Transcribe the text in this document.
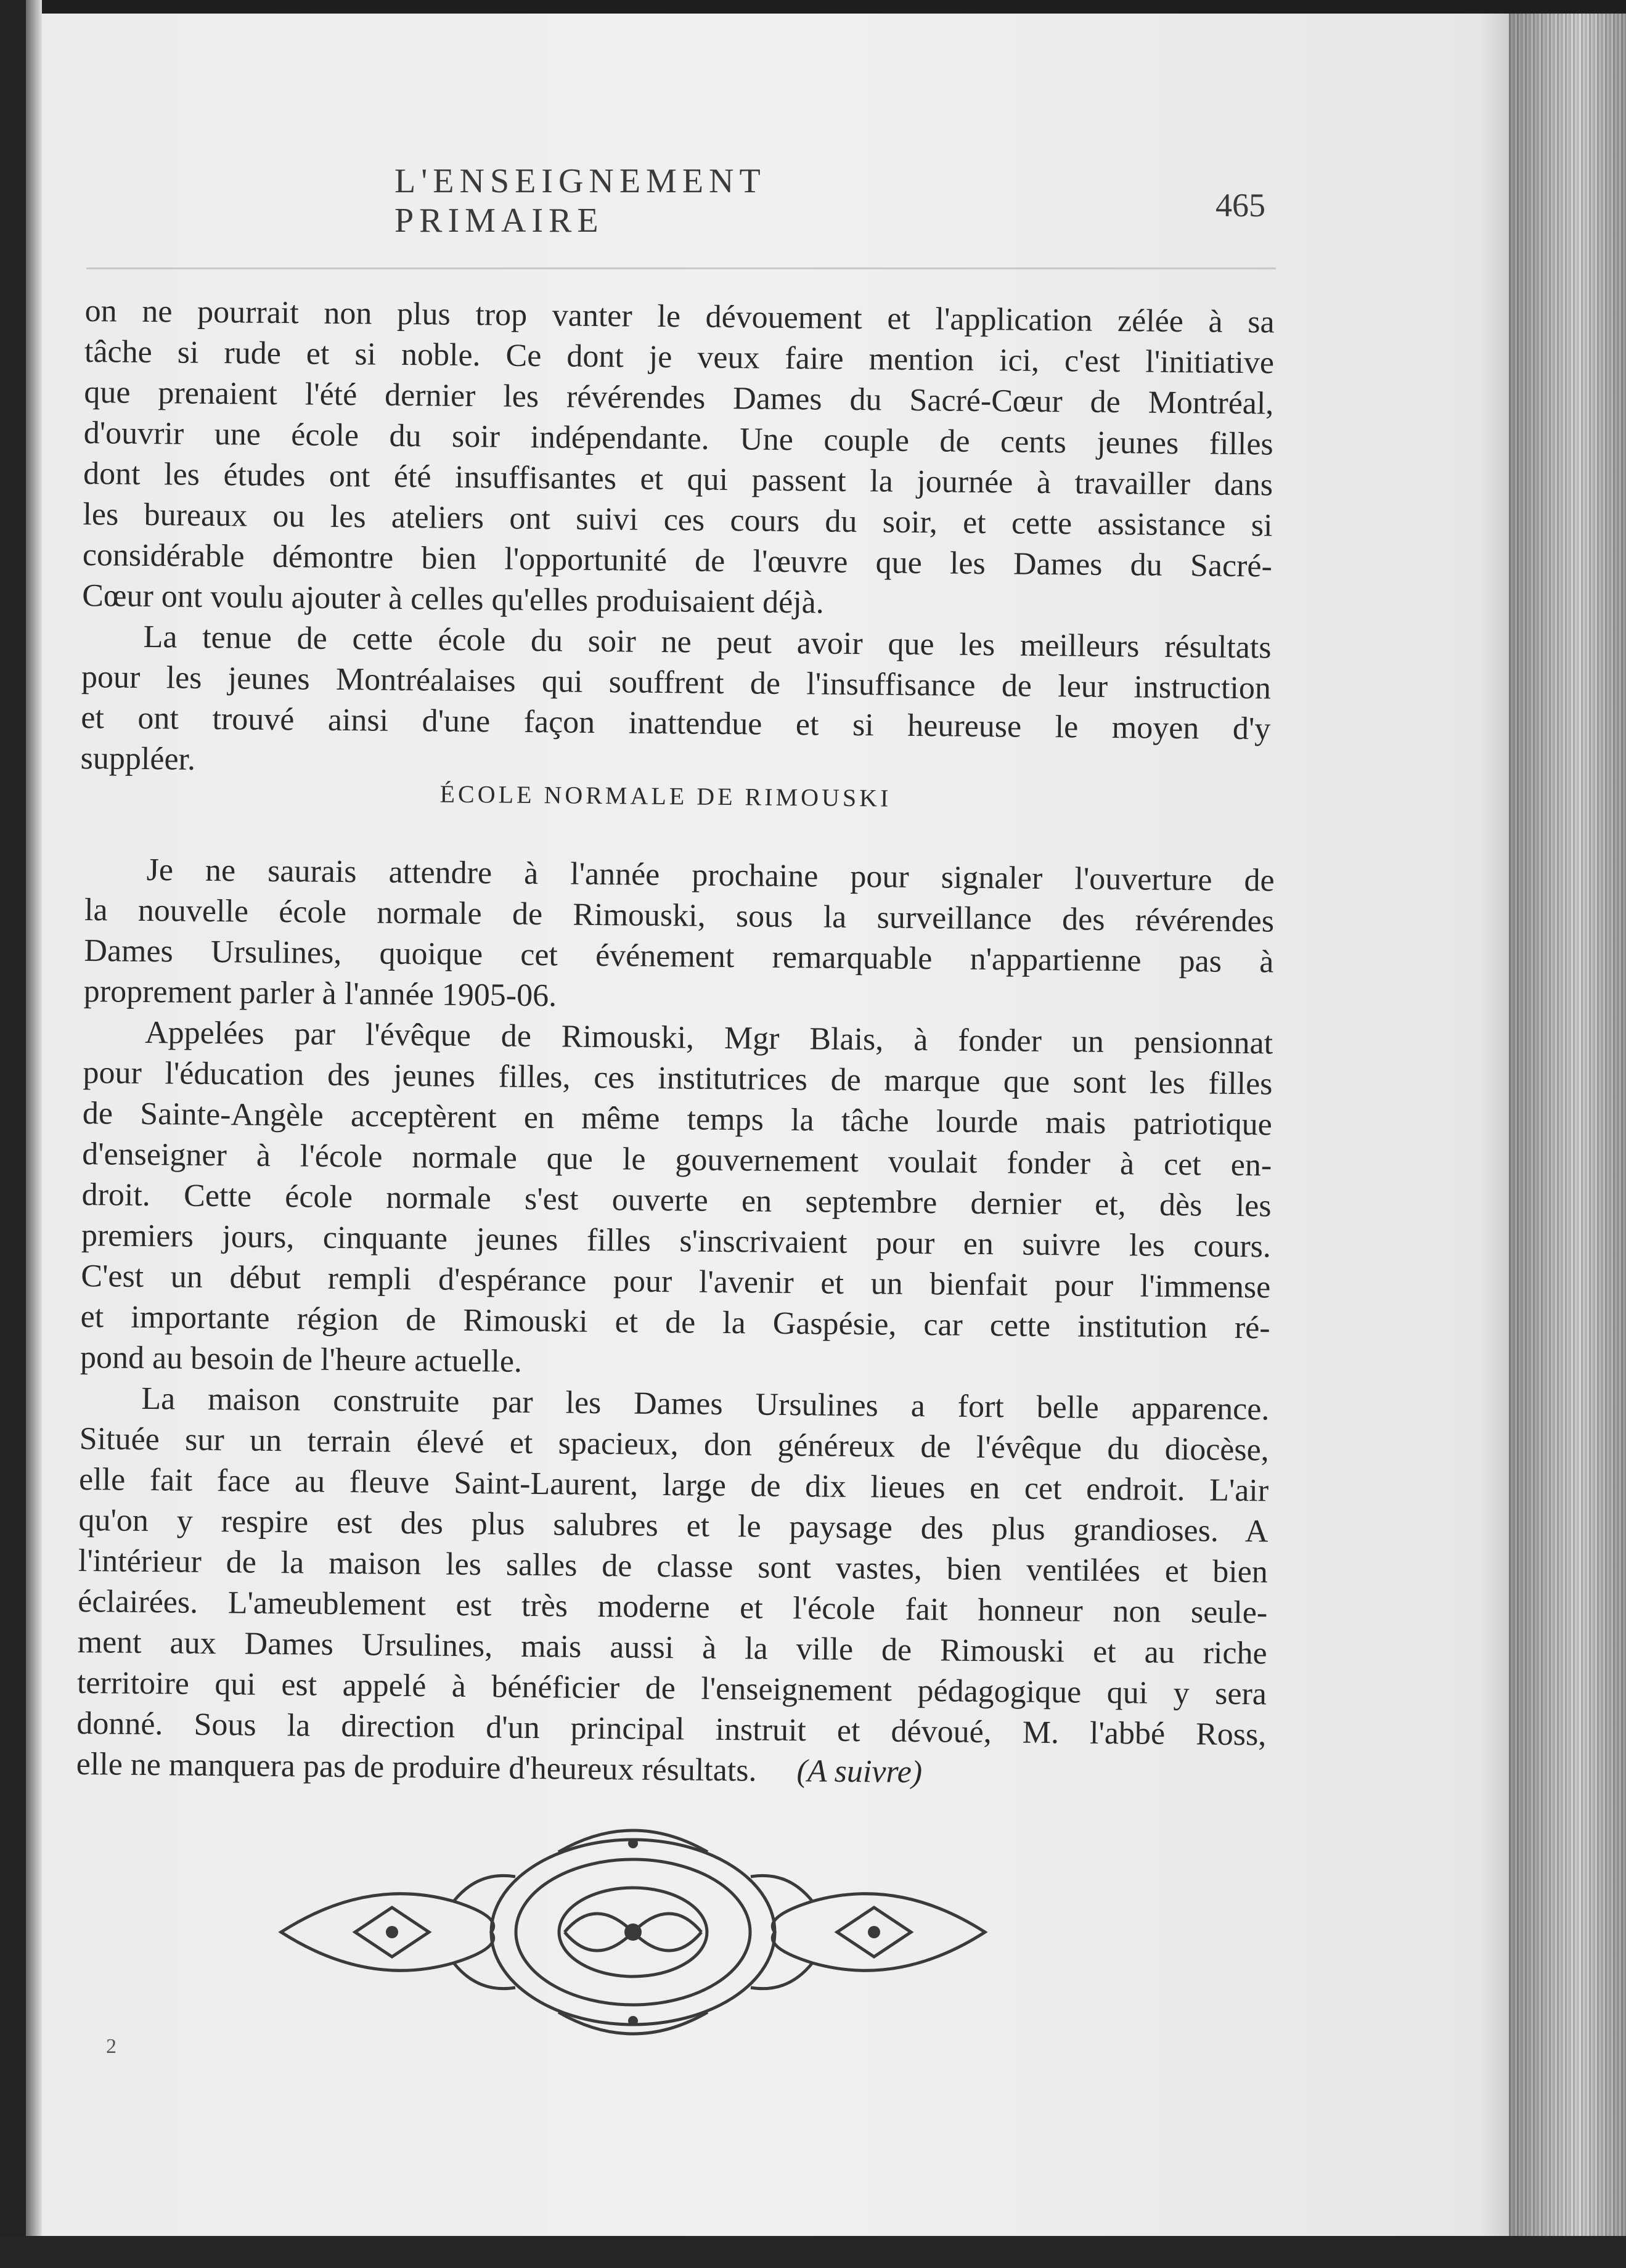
L'ENSEIGNEMENT PRIMAIRE	465
on ne pourrait non plus trop vanter le dévouement et l'application zélée à sa
tâche si rude et si noble. Ce dont je veux faire mention ici, c'est l'initiative
que prenaient l'été dernier les révérendes Dames du Sacré-Cœur de Montréal,
d'ouvrir une école du soir indépendante. Une couple de cents jeunes filles
dont les études ont été insuffisantes et qui passent la journée à travailler dans
les bureaux ou les ateliers ont suivi ces cours du soir, et cette assistance si
considérable démontre bien l'opportunité de l'œuvre que les Dames du Sacré-
Cœur ont voulu ajouter à celles qu'elles produisaient déjà.
La tenue de cette école du soir ne peut avoir que les meilleurs résultats
pour les jeunes Montréalaises qui souffrent de l'insuffisance de leur instruction
et ont trouvé ainsi d'une façon inattendue et si heureuse le moyen d'y
suppléer.
ÉCOLE NORMALE DE RIMOUSKI
Je ne saurais attendre à l'année prochaine pour signaler l'ouverture de
la nouvelle école normale de Rimouski, sous la surveillance des révérendes
Dames Ursulines, quoique cet événement remarquable n'appartienne pas à
proprement parler à l'année 1905-06.
Appelées par l'évêque de Rimouski, Mgr Blais, à fonder un pensionnat
pour l'éducation des jeunes filles, ces institutrices de marque que sont les filles
de Sainte-Angèle acceptèrent en même temps la tâche lourde mais patriotique
d'enseigner à l'école normale que le gouvernement voulait fonder à cet en-
droit. Cette école normale s'est ouverte en septembre dernier et, dès les
premiers jours, cinquante jeunes filles s'inscrivaient pour en suivre les cours.
C'est un début rempli d'espérance pour l'avenir et un bienfait pour l'immense
et importante région de Rimouski et de la Gaspésie, car cette institution ré-
pond au besoin de l'heure actuelle.
La maison construite par les Dames Ursulines a fort belle apparence.
Située sur un terrain élevé et spacieux, don généreux de l'évêque du diocèse,
elle fait face au fleuve Saint-Laurent, large de dix lieues en cet endroit. L'air
qu'on y respire est des plus salubres et le paysage des plus grandioses. A
l'intérieur de la maison les salles de classe sont vastes, bien ventilées et bien
éclairées. L'ameublement est très moderne et l'école fait honneur non seule-
ment aux Dames Ursulines, mais aussi à la ville de Rimouski et au riche
territoire qui est appelé à bénéficier de l'enseignement pédagogique qui y sera
donné. Sous la direction d'un principal instruit et dévoué, M. l'abbé Ross,
elle ne manquera pas de produire d'heureux résultats. (A suivre)
2
